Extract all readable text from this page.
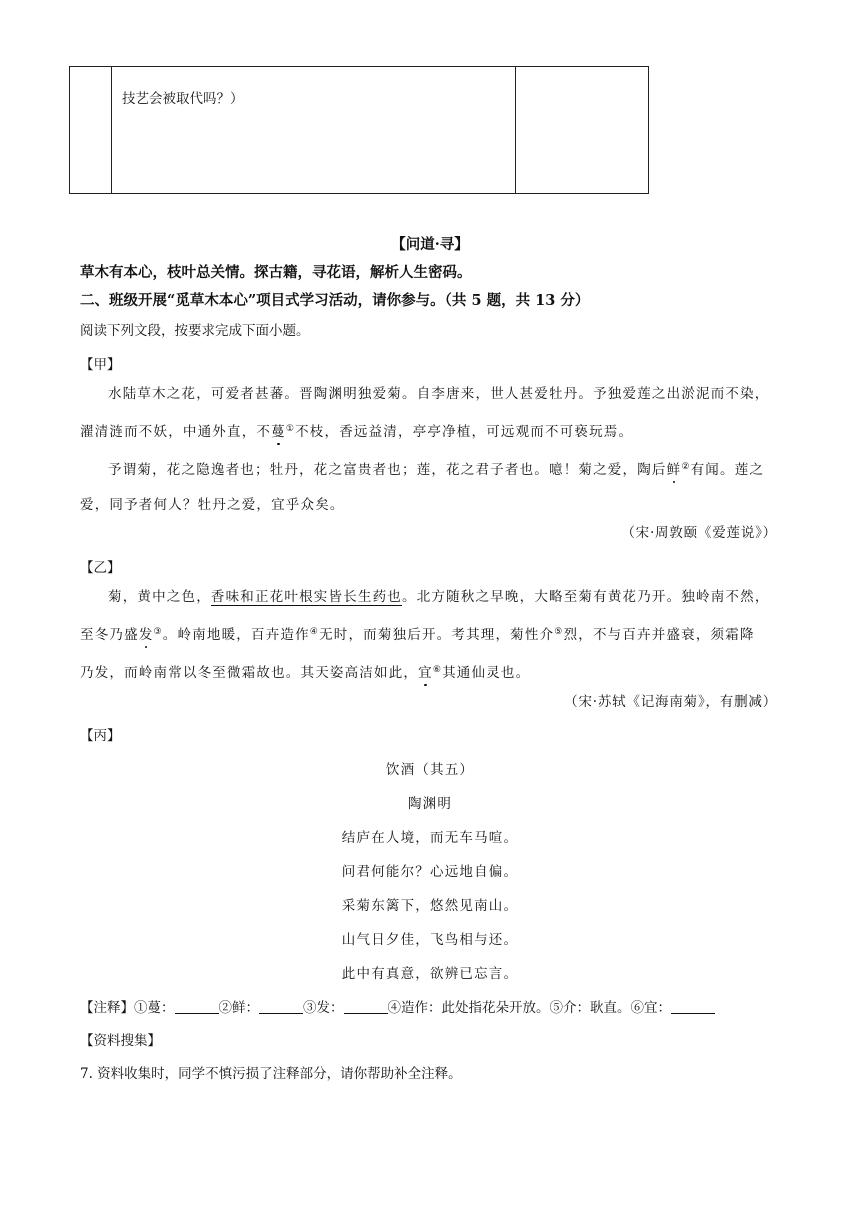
技艺会被取代吗？）
【问道·寻】
草木有本心，枝叶总关情。探古籍，寻花语，解析人生密码。
二、班级开展“觅草木本心”项目式学习活动，请你参与。（共 5 题，共 13 分）
阅读下列文段，按要求完成下面小题。
【甲】
水陆草木之花，可爱者甚蕃。晋陶渊明独爱菊。自李唐来，世人甚爱牡丹。予独爱莲之出淤泥而不染，
濯清涟而不妖，中通外直，不蔓①不枝，香远益清，亭亭净植，可远观而不可亵玩焉。
予谓菊，花之隐逸者也；牡丹，花之富贵者也；莲，花之君子者也。噫！菊之爱，陶后鲜②有闻。莲之
爱，同予者何人？牡丹之爱，宜乎众矣。
（宋·周敦颐《爱莲说》）
【乙】
菊，黄中之色，香味和正花叶根实皆长生药也。北方随秋之早晚，大略至菊有黄花乃开。独岭南不然，
至冬乃盛发③。岭南地暖，百卉造作④无时，而菊独后开。考其理，菊性介⑤烈，不与百卉并盛衰，须霜降
乃发，而岭南常以冬至微霜故也。其天姿高洁如此，宜⑥其通仙灵也。
（宋·苏轼《记海南菊》，有删减）
【丙】
饮酒（其五）
陶渊明
结庐在人境，而无车马喧。
问君何能尔？心远地自偏。
采菊东篱下，悠然见南山。
山气日夕佳，飞鸟相与还。
此中有真意，欲辨已忘言。
【注释】①蔓：	②鲜：	③发：	④造作：此处指花朵开放。⑤介：耿直。⑥宜：
【资料搜集】
7. 资料收集时，同学不慎污损了注释部分，请你帮助补全注释。
